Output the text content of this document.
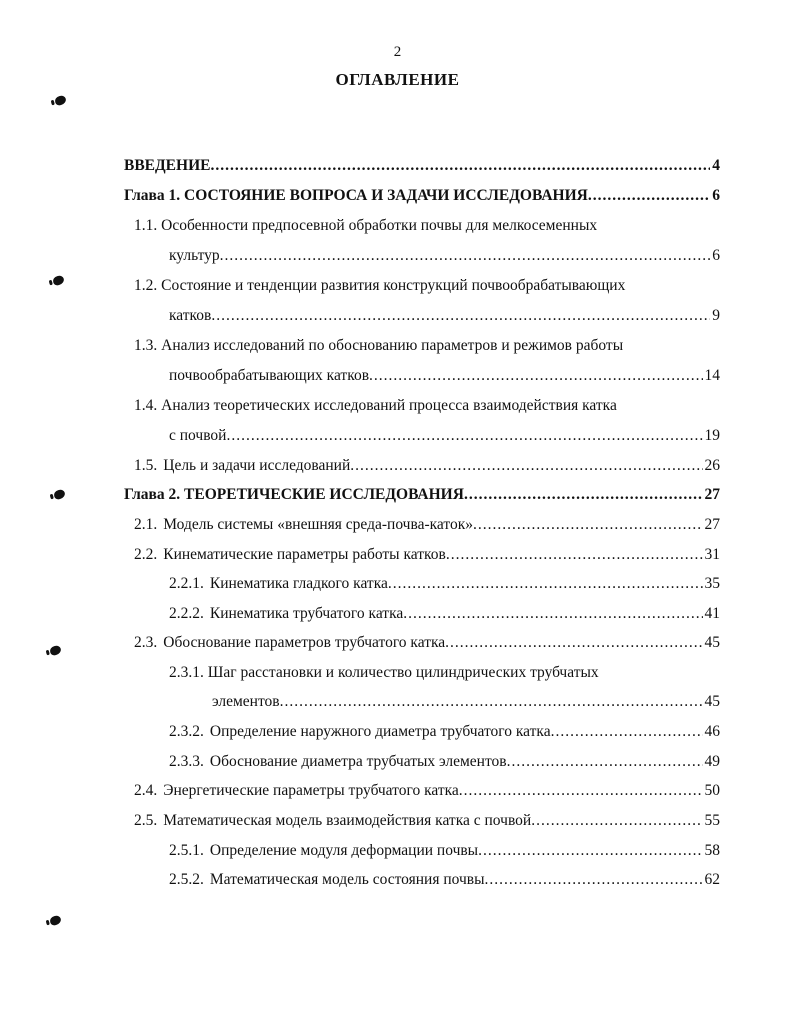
2
ОГЛАВЛЕНИЕ
ВВЕДЕНИЕ .....	4
Глава 1. СОСТОЯНИЕ ВОПРОСА И ЗАДАЧИ ИССЛЕДОВАНИЯ .....	6
1.1. Особенности предпосевной обработки почвы для мелкосеменных
культур .....	6
1.2. Состояние и тенденции развития конструкций почвообрабатывающих
катков .....	9
1.3. Анализ исследований по обоснованию параметров и режимов работы
почвообрабатывающих катков .....	14
1.4. Анализ теоретических исследований процесса взаимодействия катка
с почвой .....	19
1.5. Цель и задачи исследований .....	26
Глава 2. ТЕОРЕТИЧЕСКИЕ ИССЛЕДОВАНИЯ .....	27
2.1. Модель системы «внешняя среда-почва-каток» .....	27
2.2. Кинематические параметры работы катков .....	31
2.2.1. Кинематика гладкого катка .....	35
2.2.2. Кинематика трубчатого катка .....	41
2.3. Обоснование параметров трубчатого катка .....	45
2.3.1. Шаг расстановки и количество цилиндрических трубчатых
элементов .....	45
2.3.2. Определение наружного диаметра трубчатого катка .....	46
2.3.3. Обоснование диаметра трубчатых элементов .....	49
2.4. Энергетические параметры трубчатого катка .....	50
2.5. Математическая модель взаимодействия катка с почвой .....	55
2.5.1. Определение модуля деформации почвы .....	58
2.5.2. Математическая модель состояния почвы .....	62
